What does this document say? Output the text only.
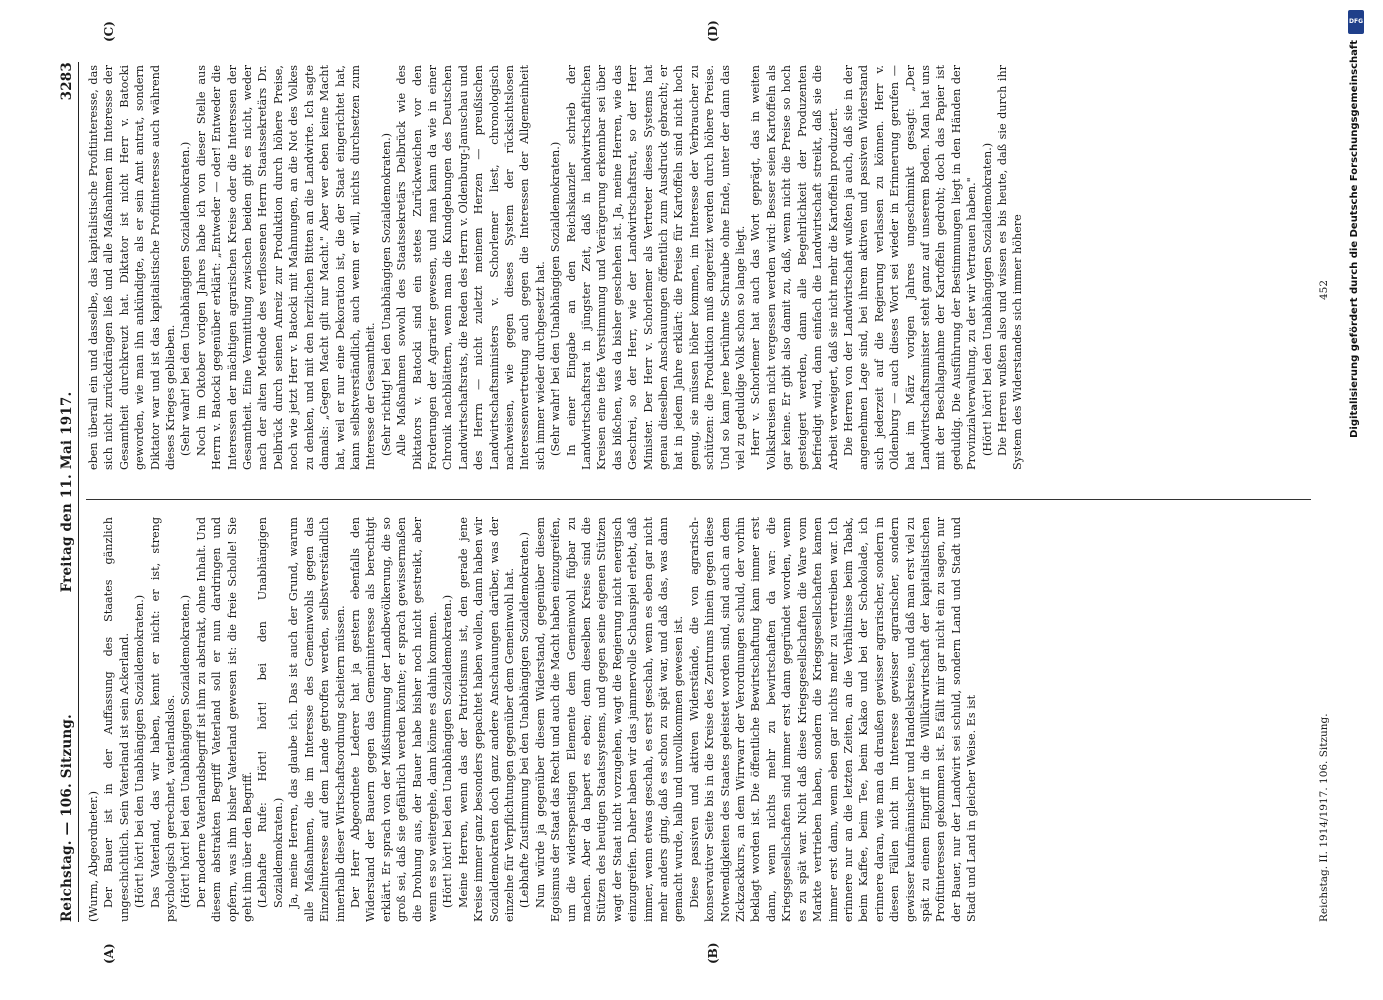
Reichstag. — 106. Sitzung.
Freitag den 11. Mai 1917.
3283
(A)	(B)
(C)	(D)

(Wurm, Abgeordneter.) Der Bauer ist in der Auffassung des Staates gänzlich ungeschichtlich. Sein Vaterland ist sein Ackerland. (Hört! hört! bei den Unabhängigen Sozialdemokraten.) Das Vaterland, das wir haben, kennt er nicht: er ist, streng psychologisch gerechnet, vaterlandslos. (Hört! hört! bei den Unabhängigen Sozialdemokraten.) Der moderne Vaterlandsbegriff ist ihm zu abstrakt, ohne Inhalt. Und diesem abstrakten Begriff Vaterland soll er nun dardringen und opfern, was ihm bisher Vaterland gewesen ist: die freie Scholle! Sie geht ihm über den Begriff. (Lebhafte Rufe: Hört! hört! bei den Unabhängigen Sozialdemokraten.) Ja, meine Herren, das glaube ich. Das ist auch der Grund, warum alle Maßnahmen, die im Interesse des Gemeinwohls gegen das Einzelinteresse auf dem Lande getroffen werden, selbstverständlich innerhalb dieser Wirtschaftsordnung scheitern müssen. Der Herr Abgeordnete Lederer hat ja gestern ebenfalls den Widerstand der Bauern gegen das Gemeininteresse als berechtigt erklärt. Er sprach von der Mißstimmung der Landbevölkerung, die so groß sei, daß sie gefährlich werden könnte; er sprach gewissermaßen die Drohung aus, der Bauer habe bisher noch nicht gestreikt, aber wenn es so weitergehe, dann könne es dahin kommen. (Hört! hört! bei den Unabhängigen Sozialdemokraten.) Meine Herren, wenn das der Patriotismus ist, den gerade jene Kreise immer ganz besonders gepachtet haben wollen, dann haben wir Sozialdemokraten doch ganz andere Anschauungen darüber, was der einzelne für Verpflichtungen gegenüber dem Gemeinwohl hat. (Lebhafte Zustimmung bei den Unabhängigen Sozialdemokraten.) Nun würde ja gegenüber diesem Widerstand, gegenüber diesem Egoismus der Staat das Recht und auch die Macht haben einzugreifen, um die widerspenstigen Elemente dem Gemeinwohl fügbar zu machen. Aber da hapert es eben; denn dieselben Kreise sind die Stützen des heutigen Staatssystems, und gegen seine eigenen Stützen wagt der Staat nicht vorzugehen, wagt die Regierung nicht energisch einzugreifen. Daher haben wir das jammervolle Schauspiel erlebt, daß immer, wenn etwas geschah, es erst geschah, wenn es eben gar nicht mehr anders ging, daß es schon zu spät war, und daß das, was dann gemacht wurde, halb und unvollkommen gewesen ist. Diese passiven und aktiven Widerstände, die von agrarisch-konservativer Seite bis in die Kreise des Zentrums hinein gegen diese Notwendigkeiten des Staates geleistet worden sind, sind auch an dem Zickzackkurs, an dem Wirrwarr der Verordnungen schuld, der vorhin beklagt worden ist. Die öffentliche Bewirtschaftung kam immer erst dann, wenn nichts mehr zu bewirtschaften da war: die Kriegsgesellschaften sind immer erst dann gegründet worden, wenn es zu spät war. Nicht daß diese Kriegsgesellschaften die Ware vom Markte vertrieben haben, sondern die Kriegsgesellschaften kamen immer erst dann, wenn eben gar nichts mehr zu vertreiben war. Ich erinnere nur an die letzten Zeiten, an die Verhältnisse beim Tabak, beim Kaffee, beim Tee, beim Kakao und bei der Schokolade, ich erinnere daran, wie man da draußen gewisser agrarischer, sondern in diesen Fällen nicht im Interesse gewisser agrarischer, sondern gewisser kaufmännischer und Handelskreise, und daß man erst viel zu spät zu einem Eingriff in die Willkürwirtschaft der kapitalistischen Profitinteressen gekommen ist. Es fällt mir gar nicht ein zu sagen, nur der Bauer, nur der Landwirt sei schuld, sondern Land und Stadt und Stadt und Land in gleicher Weise. Es ist

eben überall ein und dasselbe, das kapitalistische Profitinteresse, das sich nicht zurückdrängen ließ und alle Maßnahmen im Interesse der Gesamtheit durchkreuzt hat. Diktator ist nicht Herr v. Batocki geworden, wie man ihn ankündigte, als er sein Amt antrat, sondern Diktator war und ist das kapitalistische Profitinteresse auch während dieses Krieges geblieben. (Sehr wahr! bei den Unabhängigen Sozialdemokraten.) Noch im Oktober vorigen Jahres habe ich von dieser Stelle aus Herrn v. Batocki gegenüber erklärt: „Entweder — oder! Entweder die Interessen der mächtigen agrarischen Kreise oder die Interessen der Gesamtheit. Eine Vermittlung zwischen beiden gibt es nicht, weder nach der alten Methode des verflossenen Herrn Staatssekretärs Dr. Delbrück durch seinen Anreiz zur Produktion durch höhere Preise, noch wie jetzt Herr v. Batocki mit Mahnungen, an die Not des Volkes zu denken, und mit den herzlichen Bitten an die Landwirte. Ich sagte damals: „Gegen Macht gilt nur Macht." Aber wer eben keine Macht hat, weil er nur eine Dekoration ist, die der Staat eingerichtet hat, kann selbstverständlich, auch wenn er will, nichts durchsetzen zum Interesse der Gesamtheit. (Sehr richtig! bei den Unabhängigen Sozialdemokraten.) Alle Maßnahmen sowohl des Staatssekretärs Delbrück wie des Diktators v. Batocki sind ein stetes Zurückweichen vor den Forderungen der Agrarier gewesen, und man kann da wie in einer Chronik nachblättern, wenn man die Kundgebungen des Deutschen Landwirtschaftsrats, die Reden des Herrn v. Oldenburg-Januschau und des Herrn — nicht zuletzt meinem Herzen — preußischen Landwirtschaftsministers v. Schorlemer liest, chronologisch nachweisen, wie gegen dieses System der rücksichtslosen Interessenvertretung auch gegen die Interessen der Allgemeinheit sich immer wieder durchgesetzt hat. (Sehr wahr! bei den Unabhängigen Sozialdemokraten.) In einer Eingabe an den Reichskanzler schrieb der Landwirtschaftsrat in jüngster Zeit, daß in landwirtschaftlichen Kreisen eine tiefe Verstimmung und Verärgerung erkennbar sei über das bißchen, was da bisher geschehen ist. Ja, meine Herren, wie das Geschrei, so der Herr, wie der Landwirtschaftsrat, so der Herr Minister. Der Herr v. Schorlemer als Vertreter dieses Systems hat genau dieselben Anschauungen öffentlich zum Ausdruck gebracht; er hat in jedem Jahre erklärt: die Preise für Kartoffeln sind nicht hoch genug, sie müssen höher kommen, im Interesse der Verbraucher zu schützen: die Produktion muß angereizt werden durch höhere Preise. Und so kam jene berühmte Schraube ohne Ende, unter der dann das viel zu geduldige Volk schon so lange liegt. Herr v. Schorlemer hat auch das Wort geprägt, das in weiten Volkskreisen nicht vergessen werden wird: Besser seien Kartoffeln als gar keine. Er gibt also damit zu, daß, wenn nicht die Preise so hoch gesteigert werden, dann alle Begehrlichkeit der Produzenten befriedigt wird, dann einfach die Landwirtschaft streikt, daß sie die Arbeit verweigert, daß sie nicht mehr die Kartoffeln produziert. Die Herren von der Landwirtschaft wußten ja auch, daß sie in der angenehmen Lage sind, bei ihrem aktiven und passiven Widerstand sich jederzeit auf die Regierung verlassen zu können. Herr v. Oldenburg — auch dieses Wort sei wieder in Erinnerung gerufen — hat im März vorigen Jahres ungeschminkt gesagt: „Der Landwirtschaftsminister steht ganz auf unserem Boden. Man hat uns mit der Beschlagnahme der Kartoffeln gedroht; doch das Papier ist geduldig. Die Ausführung der Bestimmungen liegt in den Händen der Provinzialverwaltung, zu der wir Vertrauen haben." (Hört! hört! bei den Unabhängigen Sozialdemokraten.) Die Herren wußten also und wissen es bis heute, daß sie durch ihr System des Widerstandes sich immer höhere

Reichstag. II. 1914/1917. 106. Sitzung.
452
DFG
Digitalisierung gefördert durch die Deutsche Forschungsgemeinschaft
